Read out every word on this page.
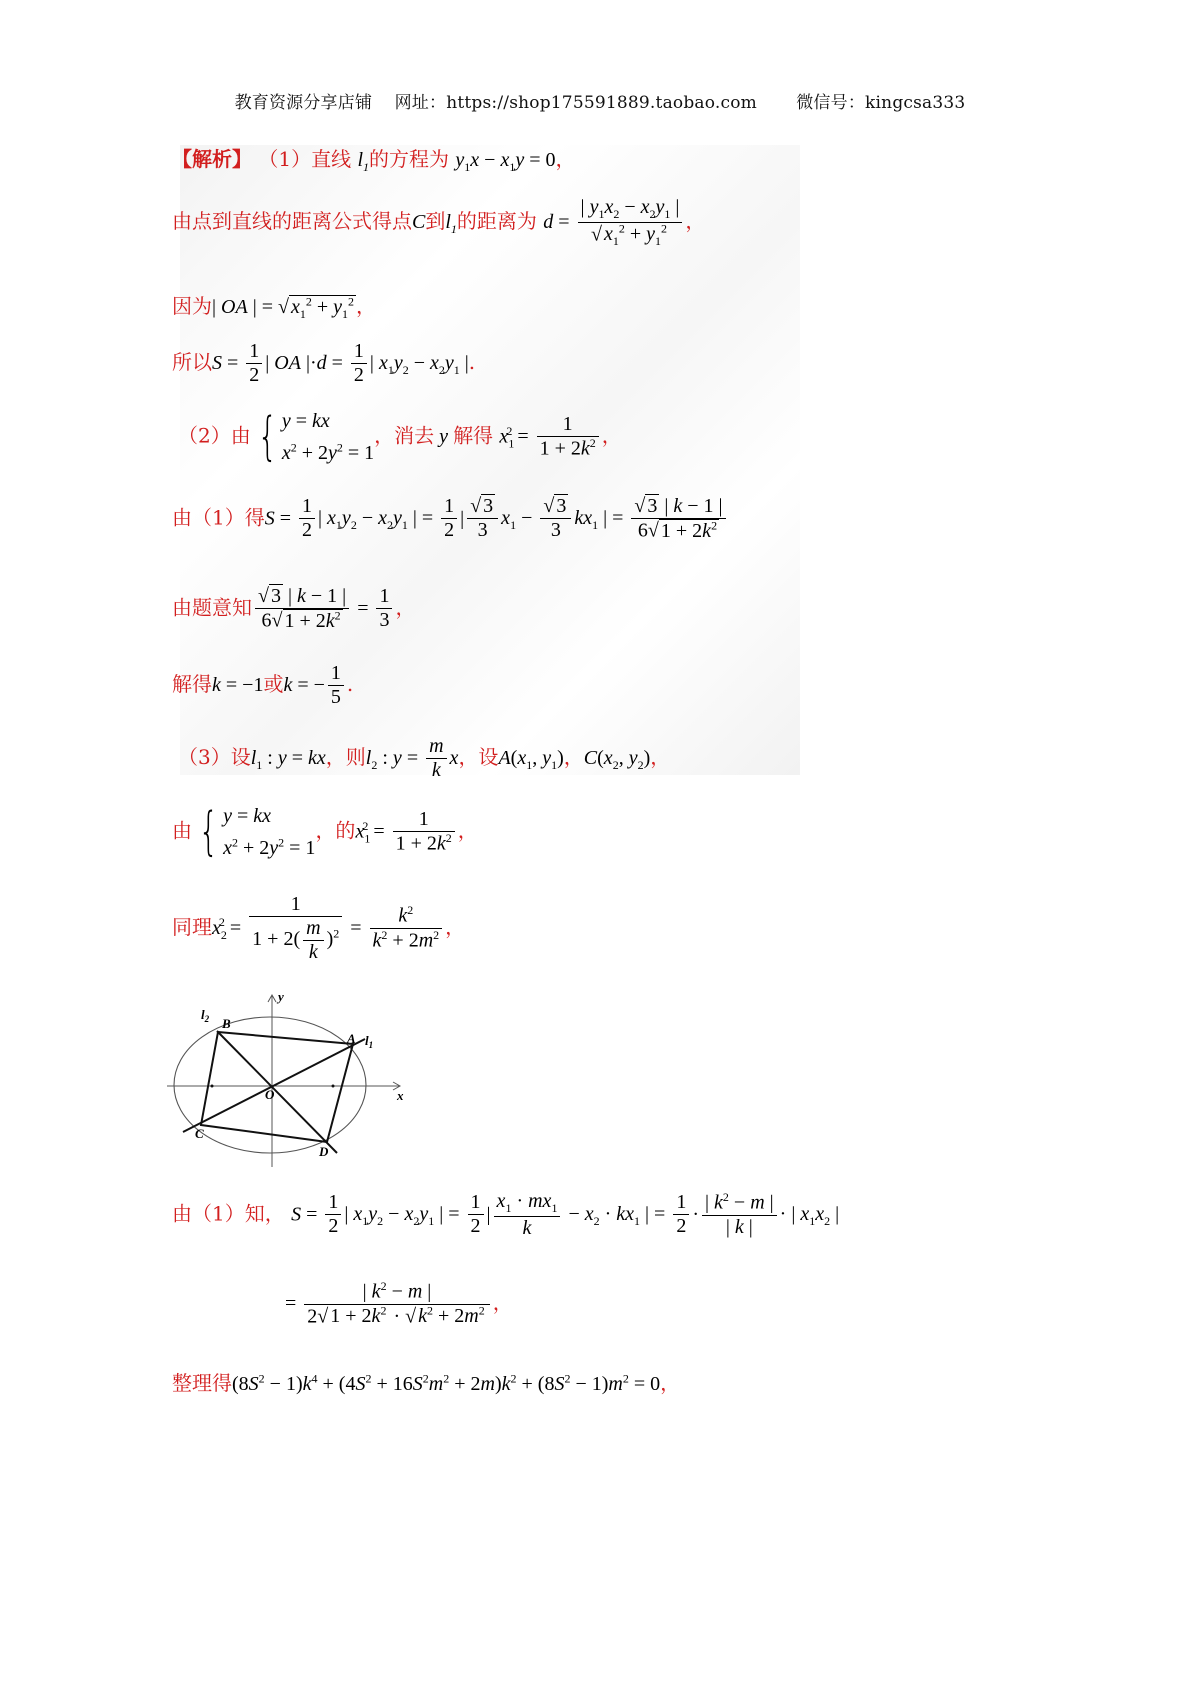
教育资源分享店铺 网址：https://shop175591889.taobao.com 微信号：kingcsa333
【解析】 （1）直线 $l_1$的方程为 $y_1x - x_1y = 0$，
由点到直线的距离公式得点C到$l_1$的距离为 $d = \frac{| y_1x_2 - x_2y_1 |}{√ x_1^2 + y_1^2}$ ，
因为| OA | = √ $x_1^2 + y_1^2$ ，
所以$S = \frac{1}{2}$ | OA $|\cdot d = \frac{1}{2}$ | $x_1y_2 - x_2y_1$ |.
（2）由 { y = kx
$x^2 + 2y^2 = 1$
，消去 y 解得 $x_1^2 = \frac{1}{1 + 2k^2}$ ，
由（1）得$S = \frac{1}{2}$ | $x_1y_2 - x_2y_1$ | = $\frac{1}{2}$ | $\frac{√ 3}{3} x_1 - \frac{√ 3}{3} kx_1$ | = $\frac{√ 3 | k - 1 |}{6√ 1 + 2k^2}$
由题意知 $\frac{√ 3 | k - 1 |}{6√ 1 + 2k^2} = \frac{1}{3}$ ，
解得k = −1或k = − $\frac{1}{5}$ .
（3）设$l_1$ : y = kx，则$l_2$ : $y = \frac{m}{k}$ x，设$A(x_1$, $y_1$)，$C(x_2$, $y_2$)，
由 { y = kx
$x^2 + 2y^2 = 1$
，的$x_1^2 = \frac{1}{1 + 2k^2}$ ，
同理$x_2^2 = \frac{1}{1 + 2( \frac{m}{k} )^2} = \frac{k^2}{k^2 + 2m^2}$ ，
y
x
O
A
B
C
D
$l_1$
$l_2$
由（1）知， $S = \frac{1}{2}$ | $x_1y_2 - x_2y_1$ | = $\frac{1}{2}$ | $\frac{x_1 \cdot mx_1}{k} - x_2 \cdot kx_1$ | = $\frac{1}{2} \cdot \frac{| k^2 - m |}{| k |}$ · | $x_1x_2$ |
= $\frac{| k^2 - m |}{2√ 1 + 2k^2 \cdot √ k^2 + 2m^2}$ ，
整理得$(8S^2 - 1)k^4 + (4S^2 + 16S^2m^2 + 2m)k^2 + (8S^2 - 1)m^2 = 0$，
